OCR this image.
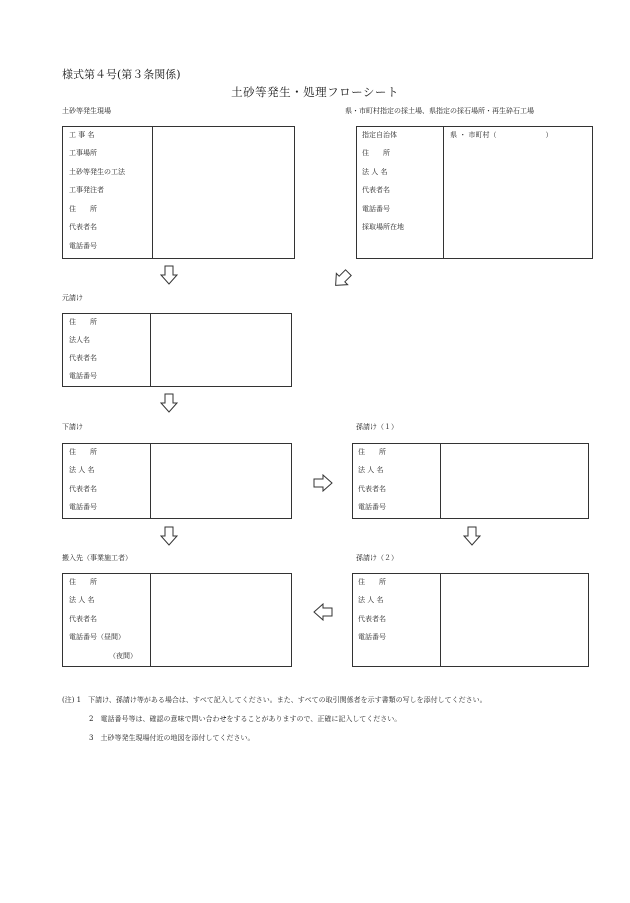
様式第４号(第３条関係)
土砂等発生・処理フローシート
土砂等発生現場
工 事 名
工事場所
土砂等発生の工法
工事発注者
住　　所
代表者名
電話番号
県・市町村指定の採土場、県指定の採石場所・再生砕石工場
指定自治体
住　　所
法 人 名
代表者名
電話番号
採取場所在地
県 ・ 市町村（　　　　　　　）
元請け
住　　所
法人名
代表者名
電話番号
下請け
住　　所
法 人 名
代表者名
電話番号
孫請け（１）
住　　所
法 人 名
代表者名
電話番号
搬入先（事業施工者）
住　　所
法 人 名
代表者名
電話番号（昼間）
（夜間）
孫請け（２）
住　　所
法 人 名
代表者名
電話番号
(注) 1　下請け、孫請け等がある場合は、すべて記入してください。また、すべての取引関係者を示す書類の写しを添付してください。
2　電話番号等は、確認の意味で問い合わせをすることがありますので、正確に記入してください。
3　土砂等発生現場付近の地図を添付してください。
